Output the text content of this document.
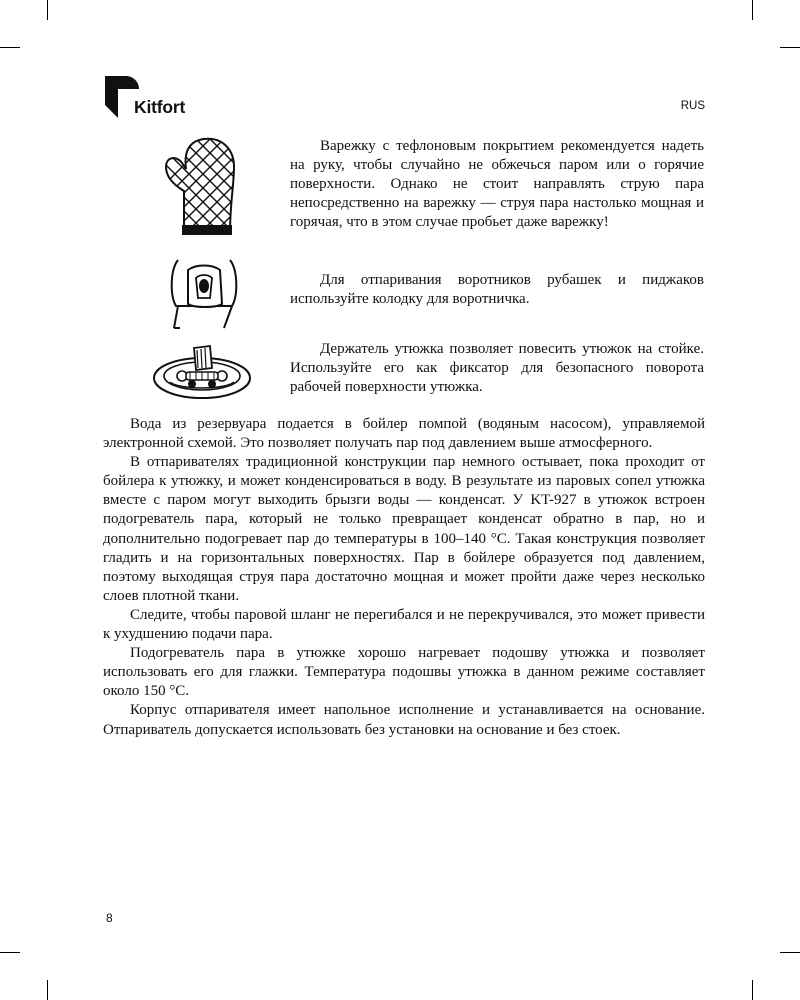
Kitfort	RUS

Варежку с тефлоновым покрытием рекомендуется надеть на руку, чтобы случайно не обжечься паром или о горячие поверхности. Однако не стоит направлять струю пара непосредственно на варежку — струя пара настолько мощная и горячая, что в этом случае пробьет даже варежку!

Для отпаривания воротников рубашек и пиджаков используйте колодку для воротничка.

Держатель утюжка позволяет повесить утюжок на стойке. Используйте его как фиксатор для безопасного поворота рабочей поверхности утюжка.

Вода из резервуара подается в бойлер помпой (водяным насосом), управляемой электронной схемой. Это позволяет получать пар под давлением выше атмосферного.

В отпаривателях традиционной конструкции пар немного остывает, пока проходит от бойлера к утюжку, и может конденсироваться в воду. В результате из паровых сопел утюжка вместе с паром могут выходить брызги воды — конденсат. У KT-927 в утюжок встроен подогреватель пара, который не только превращает конденсат обратно в пар, но и дополнительно подогревает пар до температуры в 100–140 °C. Такая конструкция позволяет гладить и на горизонтальных поверхностях. Пар в бойлере образуется под давлением, поэтому выходящая струя пара достаточно мощная и может пройти даже через несколько слоев плотной ткани.

Следите, чтобы паровой шланг не перегибался и не перекручивался, это может привести к ухудшению подачи пара.

Подогреватель пара в утюжке хорошо нагревает подошву утюжка и позволяет использовать его для глажки. Температура подошвы утюжка в данном режиме составляет около 150 °C.

Корпус отпаривателя имеет напольное исполнение и устанавливается на основание. Отпариватель допускается использовать без установки на основание и без стоек.

8
